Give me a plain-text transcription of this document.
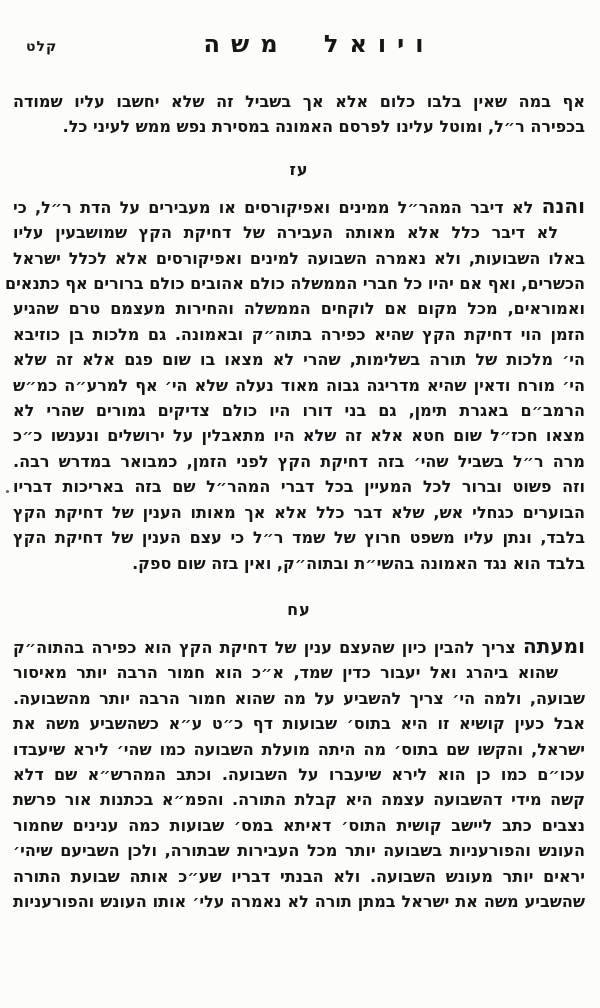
קלט	ויואל משה
אף במה שאין בלבו כלום אלא אך בשביל זה שלא יחשבו עליו שמודה
בכפירה ר״ל, ומוטל עלינו לפרסם האמונה במסירת נפש ממש לעיני כל.
עז
והנה לא דיבר המהר״ל ממינים ואפיקורסים או מעבירים על הדת ר״ל, כי
לא דיבר כלל אלא מאותה העבירה של דחיקת הקץ שמושבעין עליו
באלו השבועות, ולא נאמרה השבועה למינים ואפיקורסים אלא לכלל ישראל
הכשרים, ואף אם יהיו כל חברי הממשלה כולם אהובים כולם ברורים אף כתנאים
ואמוראים, מכל מקום אם לוקחים הממשלה והחירות מעצמם טרם שהגיע
הזמן הוי דחיקת הקץ שהיא כפירה בתוה״ק ובאמונה. גם מלכות בן כוזיבא
הי׳ מלכות של תורה בשלימות, שהרי לא מצאו בו שום פגם אלא זה שלא
הי׳ מורח ודאין שהיא מדריגה גבוה מאוד נעלה שלא הי׳ אף למרע״ה כמ״ש
הרמב״ם באגרת תימן, גם בני דורו היו כולם צדיקים גמורים שהרי לא
מצאו חכז״ל שום חטא אלא זה שלא היו מתאבלין על ירושלים ונענשו כ״כ
מרה ר״ל בשביל שהי׳ בזה דחיקת הקץ לפני הזמן, כמבואר במדרש רבה.
וזה פשוט וברור לכל המעיין בכל דברי המהר״ל שם בזה באריכות דבריו
הבוערים כגחלי אש, שלא דבר כלל אלא אך מאותו הענין של דחיקת הקץ
בלבד, ונתן עליו משפט חרוץ של שמד ר״ל כי עצם הענין של דחיקת הקץ
בלבד הוא נגד האמונה בהשי״ת ובתוה״ק, ואין בזה שום ספק.
עח
ומעתה צריך להבין כיון שהעצם ענין של דחיקת הקץ הוא כפירה בהתוה״ק
שהוא ביהרג ואל יעבור כדין שמד, א״כ הוא חמור הרבה יותר מאיסור
שבועה, ולמה הי׳ צריך להשביע על מה שהוא חמור הרבה יותר מהשבועה.
אבל כעין קושיא זו היא בתוס׳ שבועות דף כ״ט ע״א כשהשביע משה את
ישראל, והקשו שם בתוס׳ מה היתה מועלת השבועה כמו שהי׳ לירא שיעבדו
עכו״ם כמו כן הוא לירא שיעברו על השבועה. וכתב המהרש״א שם דלא
קשה מידי דהשבועה עצמה היא קבלת התורה. והפמ״א בכתנות אור פרשת
נצבים כתב ליישב קושית התוס׳ דאיתא במס׳ שבועות כמה ענינים שחמור
העונש והפורעניות בשבועה יותר מכל העבירות שבתורה, ולכן השביעם שיהי׳
יראים יותר מעונש השבועה. ולא הבנתי דבריו שע״כ אותה שבועת התורה
שהשביע משה את ישראל במתן תורה לא נאמרה עלי׳ אותו העונש והפורעניות
